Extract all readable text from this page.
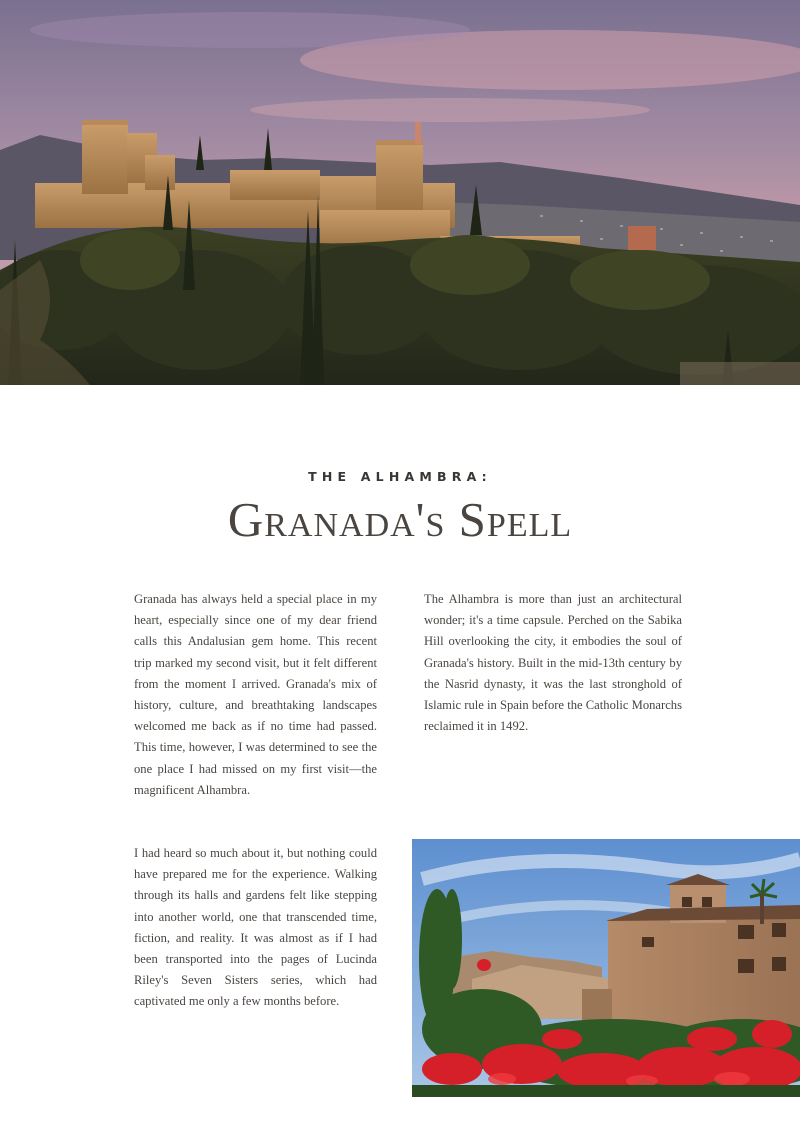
THE ALHAMBRA:

Granada's Spell

Granada has always held a special place in my heart, especially since one of my dear friend calls this Andalusian gem home. This recent trip marked my second visit, but it felt different from the moment I arrived. Granada's mix of history, culture, and breathtaking landscapes welcomed me back as if no time had passed. This time, however, I was determined to see the one place I had missed on my first visit—the magnificent Alhambra.

The Alhambra is more than just an architectural wonder; it's a time capsule. Perched on the Sabika Hill overlooking the city, it embodies the soul of Granada's history. Built in the mid-13th century by the Nasrid dynasty, it was the last stronghold of Islamic rule in Spain before the Catholic Monarchs reclaimed it in 1492.

I had heard so much about it, but nothing could have prepared me for the experience. Walking through its halls and gardens felt like stepping into another world, one that transcended time, fiction, and reality. It was almost as if I had been transported into the pages of Lucinda Riley's Seven Sisters series, which had captivated me only a few months before.
